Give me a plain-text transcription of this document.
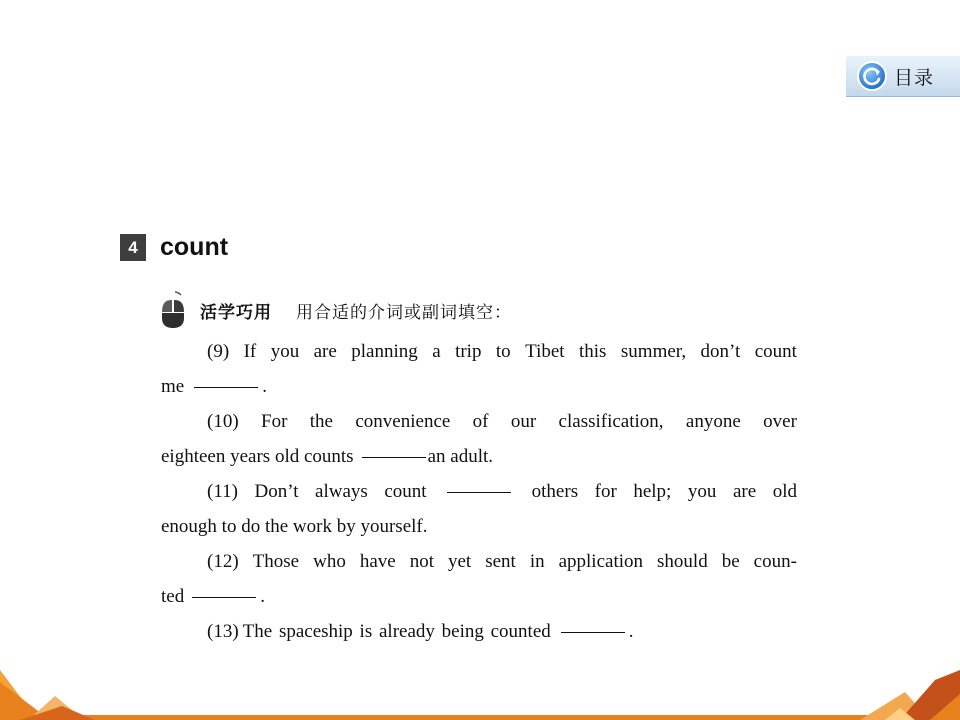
目录
4 count
活学巧用 用合适的介词或副词填空：
(9) If you are planning a trip to Tibet this summer, don’t count
me	.
(10) For the convenience of our classification, anyone over
eighteen years old counts	an adult.
(11) Don’t always count	others for help; you are old
enough to do the work by yourself.
(12) Those who have not yet sent in application should be coun-
ted	.
(13) The spaceship is already being counted	.
